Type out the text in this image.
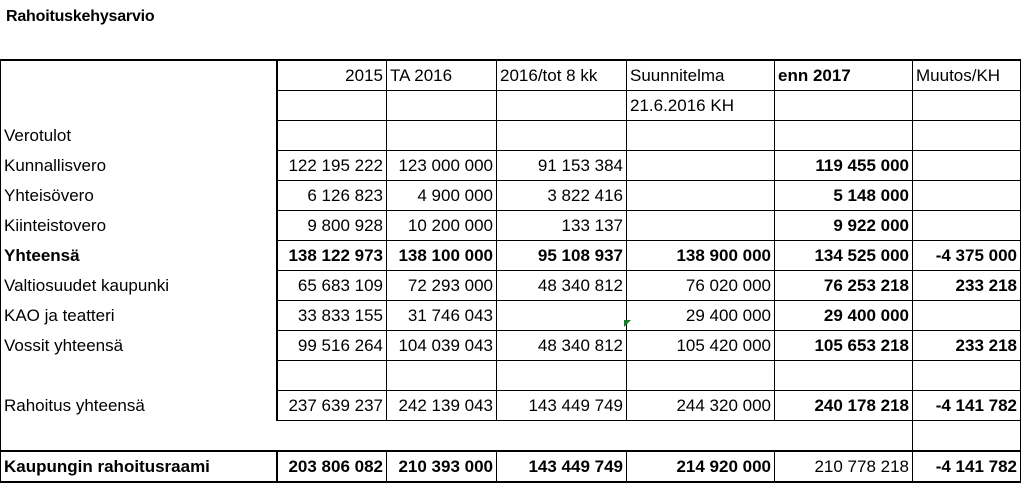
Rahoituskehysarvio
	2015	TA 2016	2016/tot 8 kk	Suunnitelma	enn 2017	Muutos/KH
				21.6.2016 KH		
Verotulot						
Kunnallisvero	122 195 222	123 000 000	91 153 384		119 455 000	
Yhteisövero	6 126 823	4 900 000	3 822 416		5 148 000	
Kiinteistovero	9 800 928	10 200 000	133 137		9 922 000	
Yhteensä	138 122 973	138 100 000	95 108 937	138 900 000	134 525 000	-4 375 000
Valtiosuudet kaupunki	65 683 109	72 293 000	48 340 812	76 020 000	76 253 218	233 218
KAO ja teatteri	33 833 155	31 746 043		29 400 000	29 400 000	
Vossit yhteensä	99 516 264	104 039 043	48 340 812	105 420 000	105 653 218	233 218

Rahoitus yhteensä	237 639 237	242 139 043	143 449 749	244 320 000	240 178 218	-4 141 782

Kaupungin rahoitusraami	203 806 082	210 393 000	143 449 749	214 920 000	210 778 218	-4 141 782
